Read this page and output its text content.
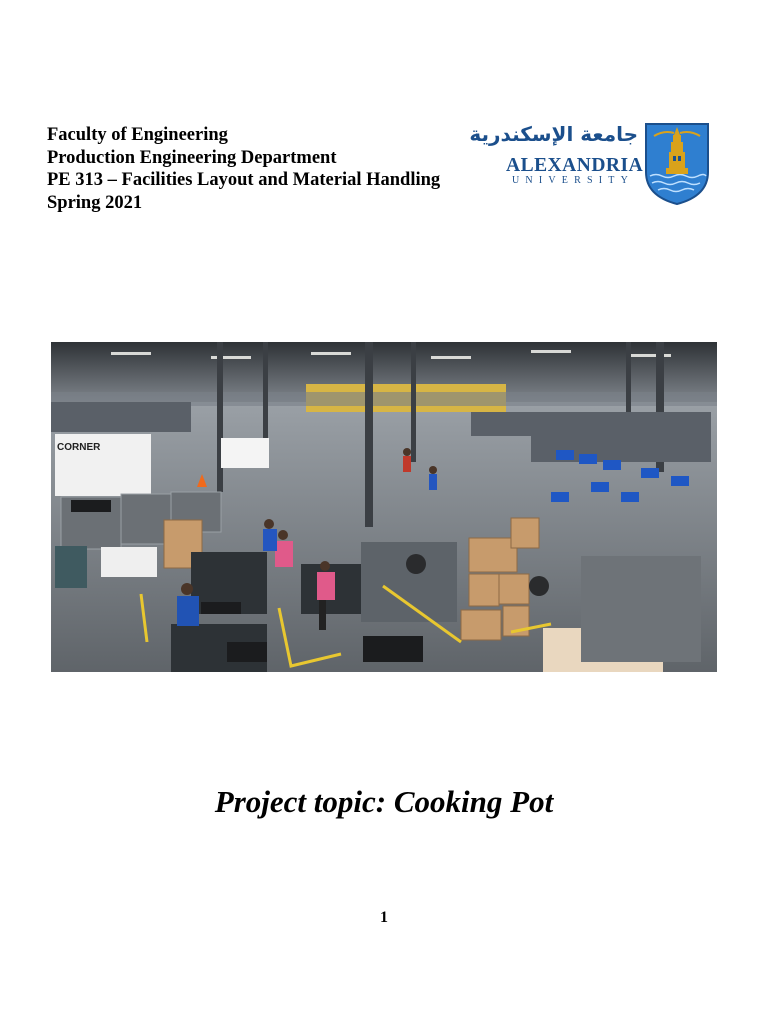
Faculty of Engineering
Production Engineering Department
PE 313 – Facilities Layout and Material Handling
Spring 2021
جامعة الإسكندرية
ALEXANDRIA
UNIVERSITY
CORNER
Project topic: Cooking Pot
1
